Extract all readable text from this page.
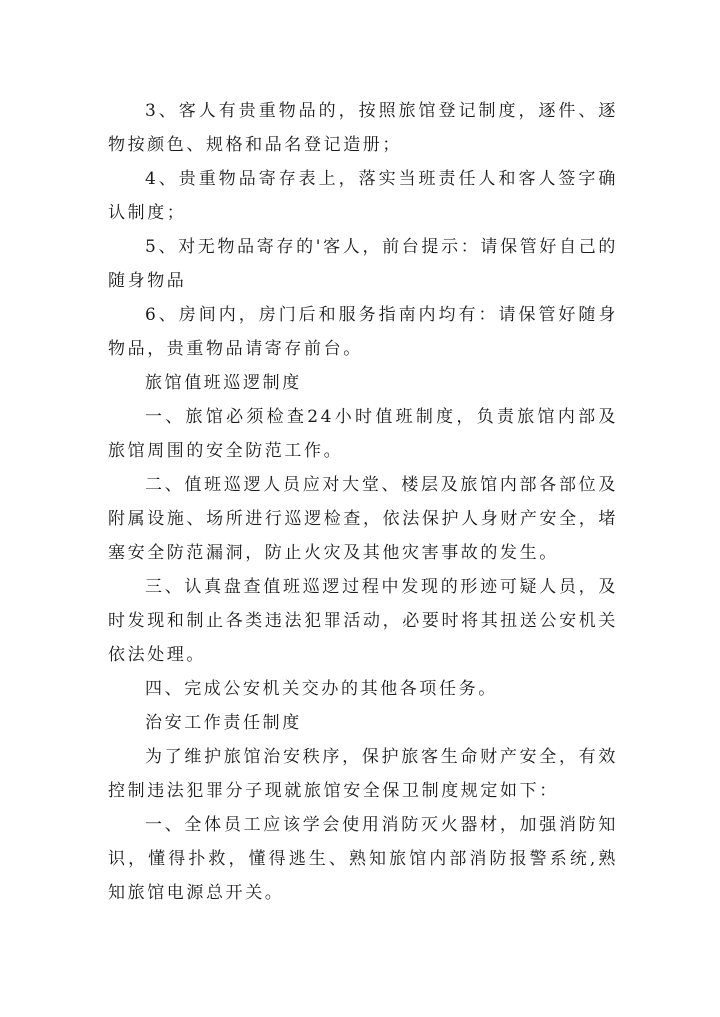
3、客人有贵重物品的，按照旅馆登记制度，逐件、逐物按颜色、规格和品名登记造册；

4、贵重物品寄存表上，落实当班责任人和客人签字确认制度；

5、对无物品寄存的'客人，前台提示：请保管好自己的随身物品

6、房间内，房门后和服务指南内均有：请保管好随身物品，贵重物品请寄存前台。

旅馆值班巡逻制度

一、旅馆必须检查24小时值班制度，负责旅馆内部及旅馆周围的安全防范工作。

二、值班巡逻人员应对大堂、楼层及旅馆内部各部位及附属设施、场所进行巡逻检查，依法保护人身财产安全，堵塞安全防范漏洞，防止火灾及其他灾害事故的发生。

三、认真盘查值班巡逻过程中发现的形迹可疑人员，及时发现和制止各类违法犯罪活动，必要时将其扭送公安机关依法处理。

四、完成公安机关交办的其他各项任务。

治安工作责任制度

为了维护旅馆治安秩序，保护旅客生命财产安全，有效控制违法犯罪分子现就旅馆安全保卫制度规定如下：

一、全体员工应该学会使用消防灭火器材，加强消防知识，懂得扑救，懂得逃生、熟知旅馆内部消防报警系统,熟知旅馆电源总开关。
